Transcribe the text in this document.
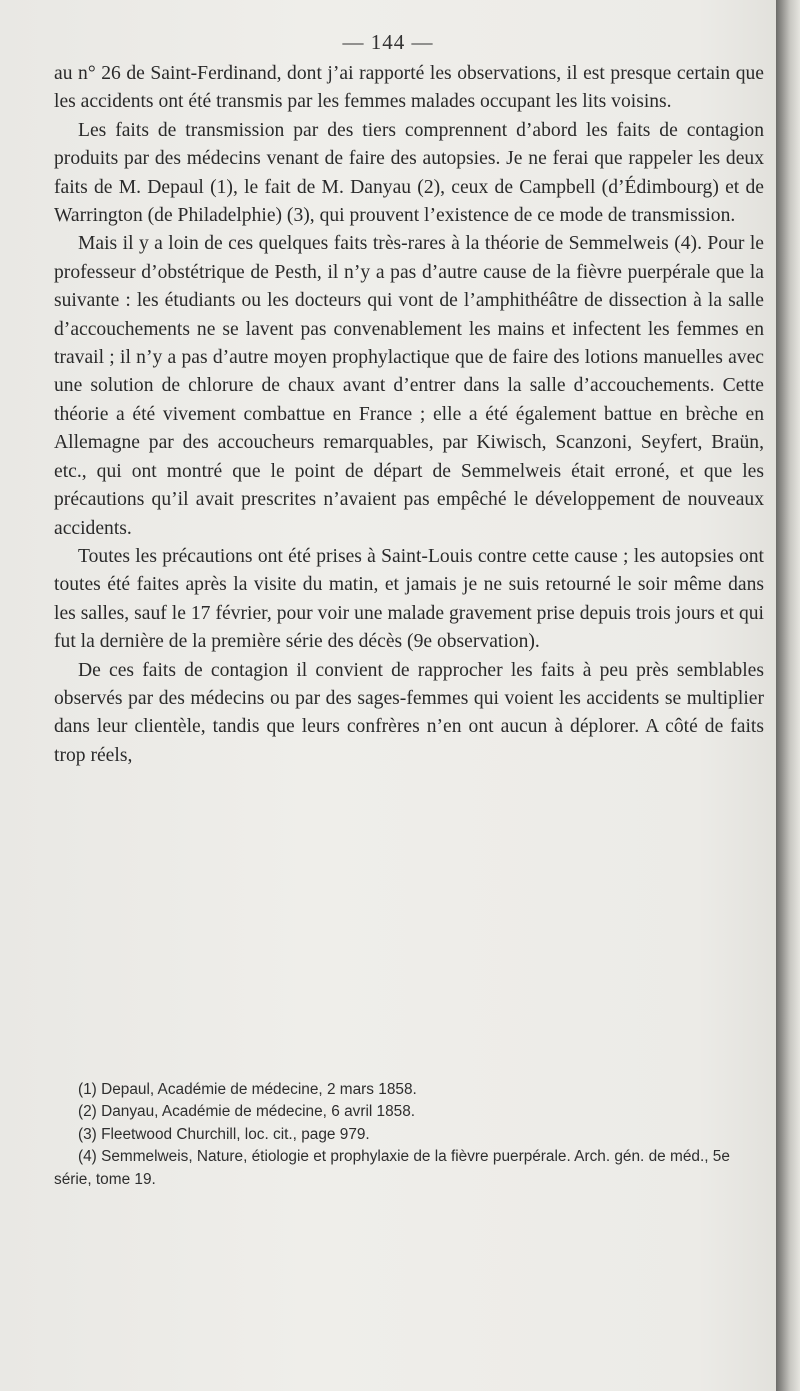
— 144 —

au n° 26 de Saint-Ferdinand, dont j’ai rapporté les observations, il est presque certain que les accidents ont été transmis par les femmes malades occupant les lits voisins.

Les faits de transmission par des tiers comprennent d’abord les faits de contagion produits par des médecins venant de faire des autopsies. Je ne ferai que rappeler les deux faits de M. Depaul (1), le fait de M. Danyau (2), ceux de Campbell (d’Édimbourg) et de Warrington (de Philadelphie) (3), qui prouvent l’existence de ce mode de transmission.

Mais il y a loin de ces quelques faits très-rares à la théorie de Semmelweis (4). Pour le professeur d’obstétrique de Pesth, il n’y a pas d’autre cause de la fièvre puerpérale que la suivante : les étudiants ou les docteurs qui vont de l’amphithéâtre de dissection à la salle d’accouchements ne se lavent pas convenablement les mains et infectent les femmes en travail ; il n’y a pas d’autre moyen prophylactique que de faire des lotions manuelles avec une solution de chlorure de chaux avant d’entrer dans la salle d’accouchements. Cette théorie a été vivement combattue en France ; elle a été également battue en brèche en Allemagne par des accoucheurs remarquables, par Kiwisch, Scanzoni, Seyfert, Braün, etc., qui ont montré que le point de départ de Semmelweis était erroné, et que les précautions qu’il avait prescrites n’avaient pas empêché le développement de nouveaux accidents.

Toutes les précautions ont été prises à Saint-Louis contre cette cause ; les autopsies ont toutes été faites après la visite du matin, et jamais je ne suis retourné le soir même dans les salles, sauf le 17 février, pour voir une malade gravement prise depuis trois jours et qui fut la dernière de la première série des décès (9e observation).

De ces faits de contagion il convient de rapprocher les faits à peu près semblables observés par des médecins ou par des sages-femmes qui voient les accidents se multiplier dans leur clientèle, tandis que leurs confrères n’en ont aucun à déplorer. A côté de faits trop réels,

(1) Depaul, Académie de médecine, 2 mars 1858.
(2) Danyau, Académie de médecine, 6 avril 1858.
(3) Fleetwood Churchill, loc. cit., page 979.
(4) Semmelweis, Nature, étiologie et prophylaxie de la fièvre puerpérale. Arch. gén. de méd., 5e série, tome 19.
